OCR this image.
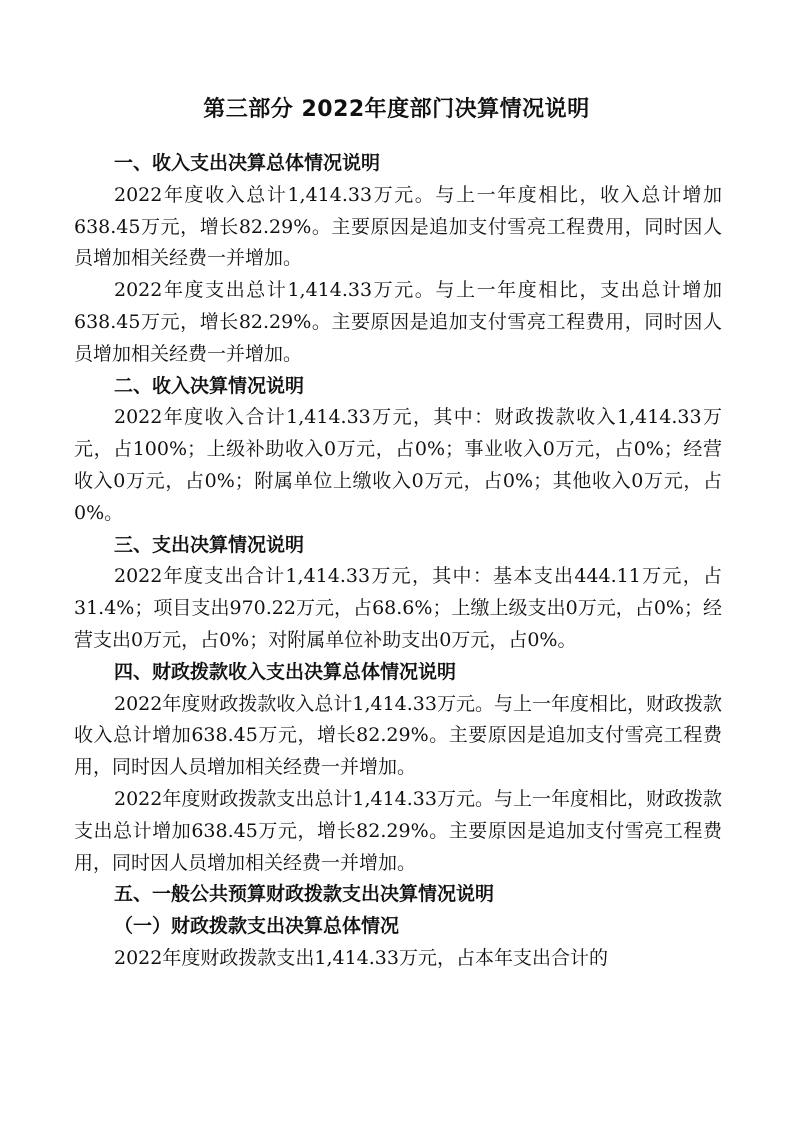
第三部分 2022年度部门决算情况说明
一、收入支出决算总体情况说明

2022年度收入总计1,414.33万元。与上一年度相比，收入总计增加638.45万元，增长82.29%。主要原因是追加支付雪亮工程费用，同时因人员增加相关经费一并增加。

2022年度支出总计1,414.33万元。与上一年度相比，支出总计增加638.45万元，增长82.29%。主要原因是追加支付雪亮工程费用，同时因人员增加相关经费一并增加。

二、收入决算情况说明

2022年度收入合计1,414.33万元，其中：财政拨款收入1,414.33万元，占100%；上级补助收入0万元，占0%；事业收入0万元，占0%；经营收入0万元，占0%；附属单位上缴收入0万元，占0%；其他收入0万元，占0%。

三、支出决算情况说明

2022年度支出合计1,414.33万元，其中：基本支出444.11万元，占31.4%；项目支出970.22万元，占68.6%；上缴上级支出0万元，占0%；经营支出0万元，占0%；对附属单位补助支出0万元，占0%。

四、财政拨款收入支出决算总体情况说明

2022年度财政拨款收入总计1,414.33万元。与上一年度相比，财政拨款收入总计增加638.45万元，增长82.29%。主要原因是追加支付雪亮工程费用，同时因人员增加相关经费一并增加。

2022年度财政拨款支出总计1,414.33万元。与上一年度相比，财政拨款支出总计增加638.45万元，增长82.29%。主要原因是追加支付雪亮工程费用，同时因人员增加相关经费一并增加。

五、一般公共预算财政拨款支出决算情况说明
（一）财政拨款支出决算总体情况

2022年度财政拨款支出1,414.33万元，占本年支出合计的
